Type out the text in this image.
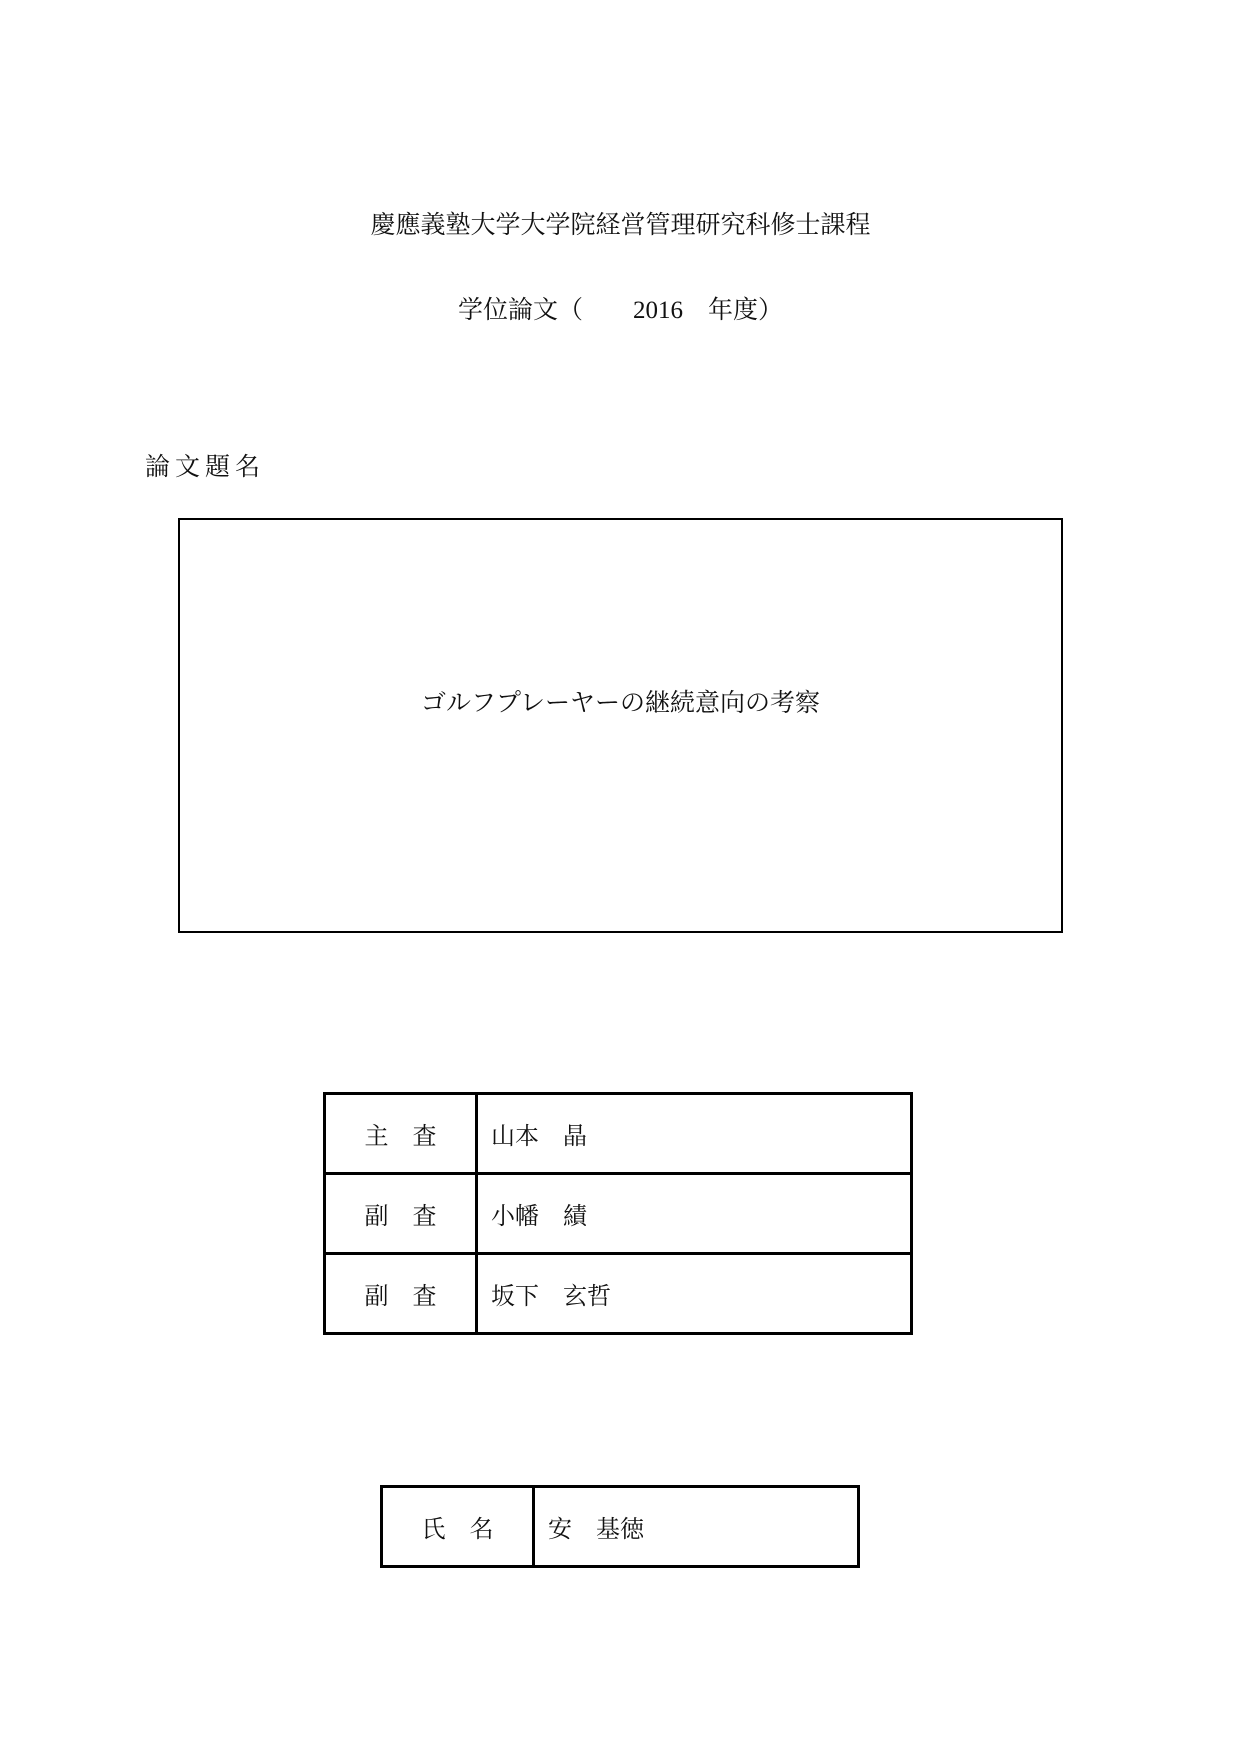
慶應義塾大学大学院経営管理研究科修士課程
学位論文（　　2016　年度）
論文題名
ゴルフプレーヤーの継続意向の考察
主　査	山本　晶
副　査	小幡　績
副　査	坂下　玄哲
氏　名	安　基徳
